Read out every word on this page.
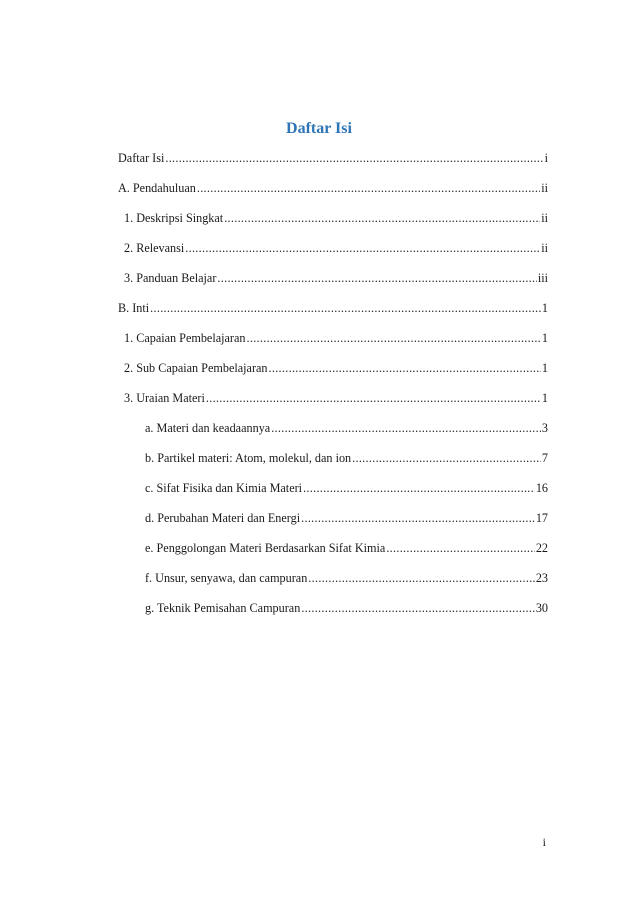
Daftar Isi
Daftar Isi .....	i
A. Pendahuluan .....	ii
1. Deskripsi Singkat .....	ii
2. Relevansi .....	ii
3. Panduan Belajar .....	iii
B. Inti .....	1
1. Capaian Pembelajaran .....	1
2. Sub Capaian Pembelajaran .....	1
3. Uraian Materi .....	1
a. Materi dan keadaannya .....	3
b. Partikel materi: Atom, molekul, dan ion .....	7
c. Sifat Fisika dan Kimia Materi .....	16
d. Perubahan Materi dan Energi .....	17
e. Penggolongan Materi Berdasarkan Sifat Kimia .....	22
f. Unsur, senyawa, dan campuran .....	23
g. Teknik Pemisahan Campuran .....	30
i
